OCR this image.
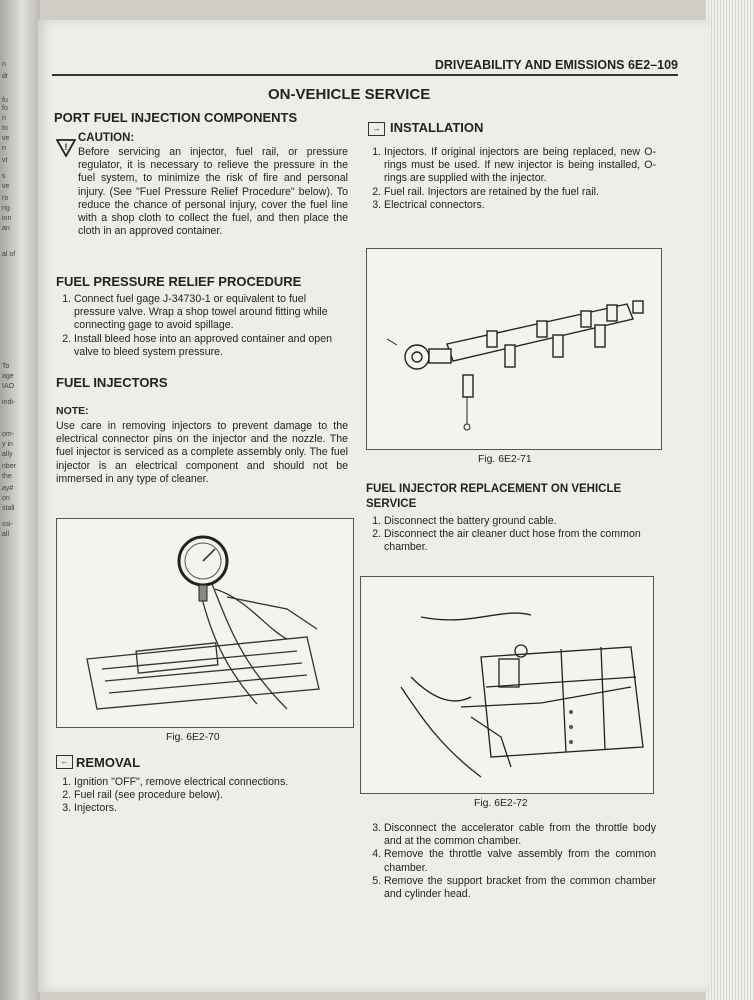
n
dr
fu
fo
ri
to
ve
n
vt
s
ve
ro
rig
ion
an
al of
To
age
IAO
indi-
om-
y in
ally
nber
the
ay#
on
stall
ssi-
all
DRIVEABILITY AND EMISSIONS 6E2–109
ON-VEHICLE SERVICE
PORT FUEL INJECTION COMPONENTS
!
CAUTION:

Before servicing an injector, fuel rail, or pressure regulator, it is necessary to relieve the pressure in the fuel system, to minimize the risk of fire and personal injury. (See "Fuel Pressure Relief Procedure" below). To reduce the chance of personal injury, cover the fuel line with a shop cloth to collect the fuel, and then place the cloth in an approved container.

FUEL PRESSURE RELIEF PROCEDURE
1. Connect fuel gage J-34730-1 or equivalent to fuel pressure valve. Wrap a shop towel around fitting while connecting gage to avoid spillage.
2. Install bleed hose into an approved container and open valve to bleed system pressure.
FUEL INJECTORS
NOTE:

Use care in removing injectors to prevent damage to the electrical connector pins on the injector and the nozzle. The fuel injector is serviced as a complete assembly only. The fuel injector is an electrical component and should not be immersed in any type of cleaner.

Fig. 6E2-70
← REMOVAL
1. Ignition "OFF", remove electrical connections.
2. Fuel rail (see procedure below).
3. Injectors.
→ INSTALLATION
1. Injectors. If original injectors are being replaced, new O-rings must be used. If new injector is being installed, O-rings are supplied with the injector.
2. Fuel rail. Injectors are retained by the fuel rail.
3. Electrical connectors.
Fig. 6E2-71
FUEL INJECTOR REPLACEMENT ON VEHICLE SERVICE
1. Disconnect the battery ground cable.
2. Disconnect the air cleaner duct hose from the common chamber.
Fig. 6E2-72
3. Disconnect the accelerator cable from the throttle body and at the common chamber.
4. Remove the throttle valve assembly from the common chamber.
5. Remove the support bracket from the common chamber and cylinder head.
